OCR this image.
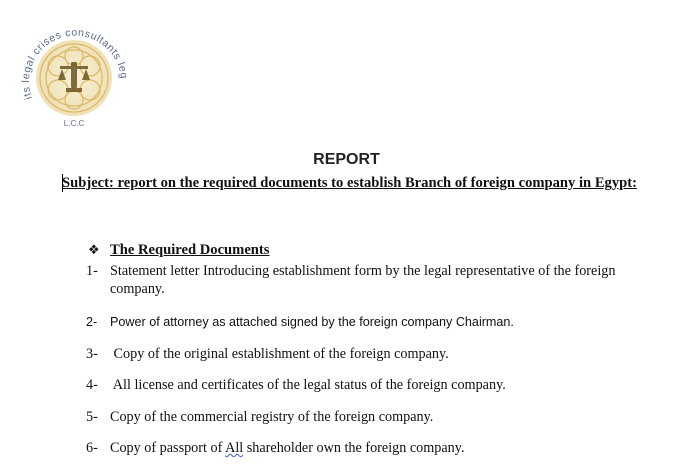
its legal crises consultants leg
L.C.C
REPORT
Subject: report on the required documents to establish Branch of foreign company in Egypt:
❖ The Required Documents
1- Statement letter Introducing establishment form by the legal representative of the foreign company.
2-	Power of attorney as attached signed by the foreign company Chairman.
3- Copy of the original establishment of the foreign company.
4- All license and certificates of the legal status of the foreign company.
5- Copy of the commercial registry of the foreign company.
6- Copy of passport of All shareholder own the foreign company.
